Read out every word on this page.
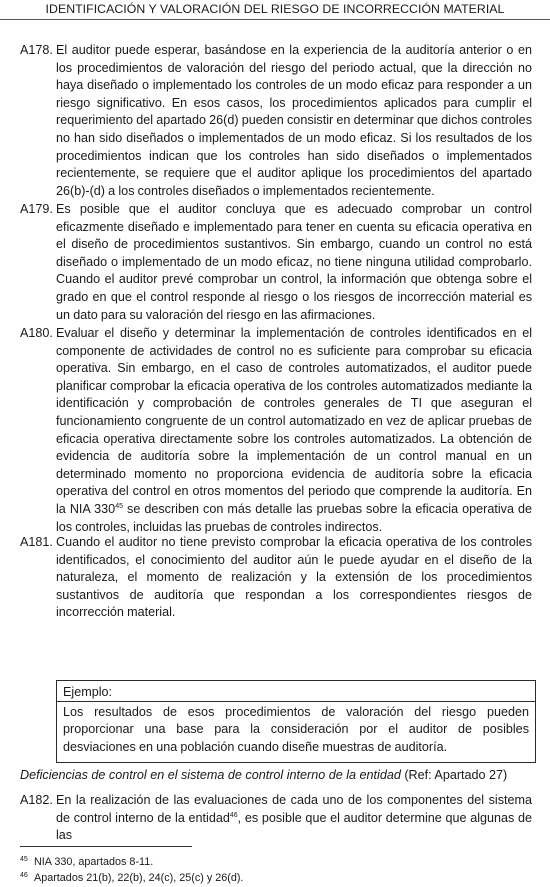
IDENTIFICACIÓN Y VALORACIÓN DEL RIESGO DE INCORRECCIÓN MATERIAL
A178. El auditor puede esperar, basándose en la experiencia de la auditoría anterior o en los procedimientos de valoración del riesgo del periodo actual, que la dirección no haya diseñado o implementado los controles de un modo eficaz para responder a un riesgo significativo. En esos casos, los procedimientos aplicados para cumplir el requerimiento del apartado 26(d) pueden consistir en determinar que dichos controles no han sido diseñados o implementados de un modo eficaz. Si los resultados de los procedimientos indican que los controles han sido diseñados o implementados recientemente, se requiere que el auditor aplique los procedimientos del apartado 26(b)-(d) a los controles diseñados o implementados recientemente.
A179. Es posible que el auditor concluya que es adecuado comprobar un control eficazmente diseñado e implementado para tener en cuenta su eficacia operativa en el diseño de procedimientos sustantivos. Sin embargo, cuando un control no está diseñado o implementado de un modo eficaz, no tiene ninguna utilidad comprobarlo. Cuando el auditor prevé comprobar un control, la información que obtenga sobre el grado en que el control responde al riesgo o los riesgos de incorrección material es un dato para su valoración del riesgo en las afirmaciones.
A180. Evaluar el diseño y determinar la implementación de controles identificados en el componente de actividades de control no es suficiente para comprobar su eficacia operativa. Sin embargo, en el caso de controles automatizados, el auditor puede planificar comprobar la eficacia operativa de los controles automatizados mediante la identificación y comprobación de controles generales de TI que aseguran el funcionamiento congruente de un control automatizado en vez de aplicar pruebas de eficacia operativa directamente sobre los controles automatizados. La obtención de evidencia de auditoría sobre la implementación de un control manual en un determinado momento no proporciona evidencia de auditoría sobre la eficacia operativa del control en otros momentos del periodo que comprende la auditoría. En la NIA $330^{45}$ se describen con más detalle las pruebas sobre la eficacia operativa de los controles, incluidas las pruebas de controles indirectos.
A181. Cuando el auditor no tiene previsto comprobar la eficacia operativa de los controles identificados, el conocimiento del auditor aún le puede ayudar en el diseño de la naturaleza, el momento de realización y la extensión de los procedimientos sustantivos de auditoría que respondan a los correspondientes riesgos de incorrección material.
Ejemplo:
Los resultados de esos procedimientos de valoración del riesgo pueden proporcionar una base para la consideración por el auditor de posibles desviaciones en una población cuando diseñe muestras de auditoría.
Deficiencias de control en el sistema de control interno de la entidad (Ref: Apartado 27)
A182. En la realización de las evaluaciones de cada uno de los componentes del sistema de control interno de la entidad$^{46}$, es posible que el auditor determine que algunas de las
45 NIA 330, apartados 8-11.
46 Apartados 21(b), 22(b), 24(c), 25(c) y 26(d).
